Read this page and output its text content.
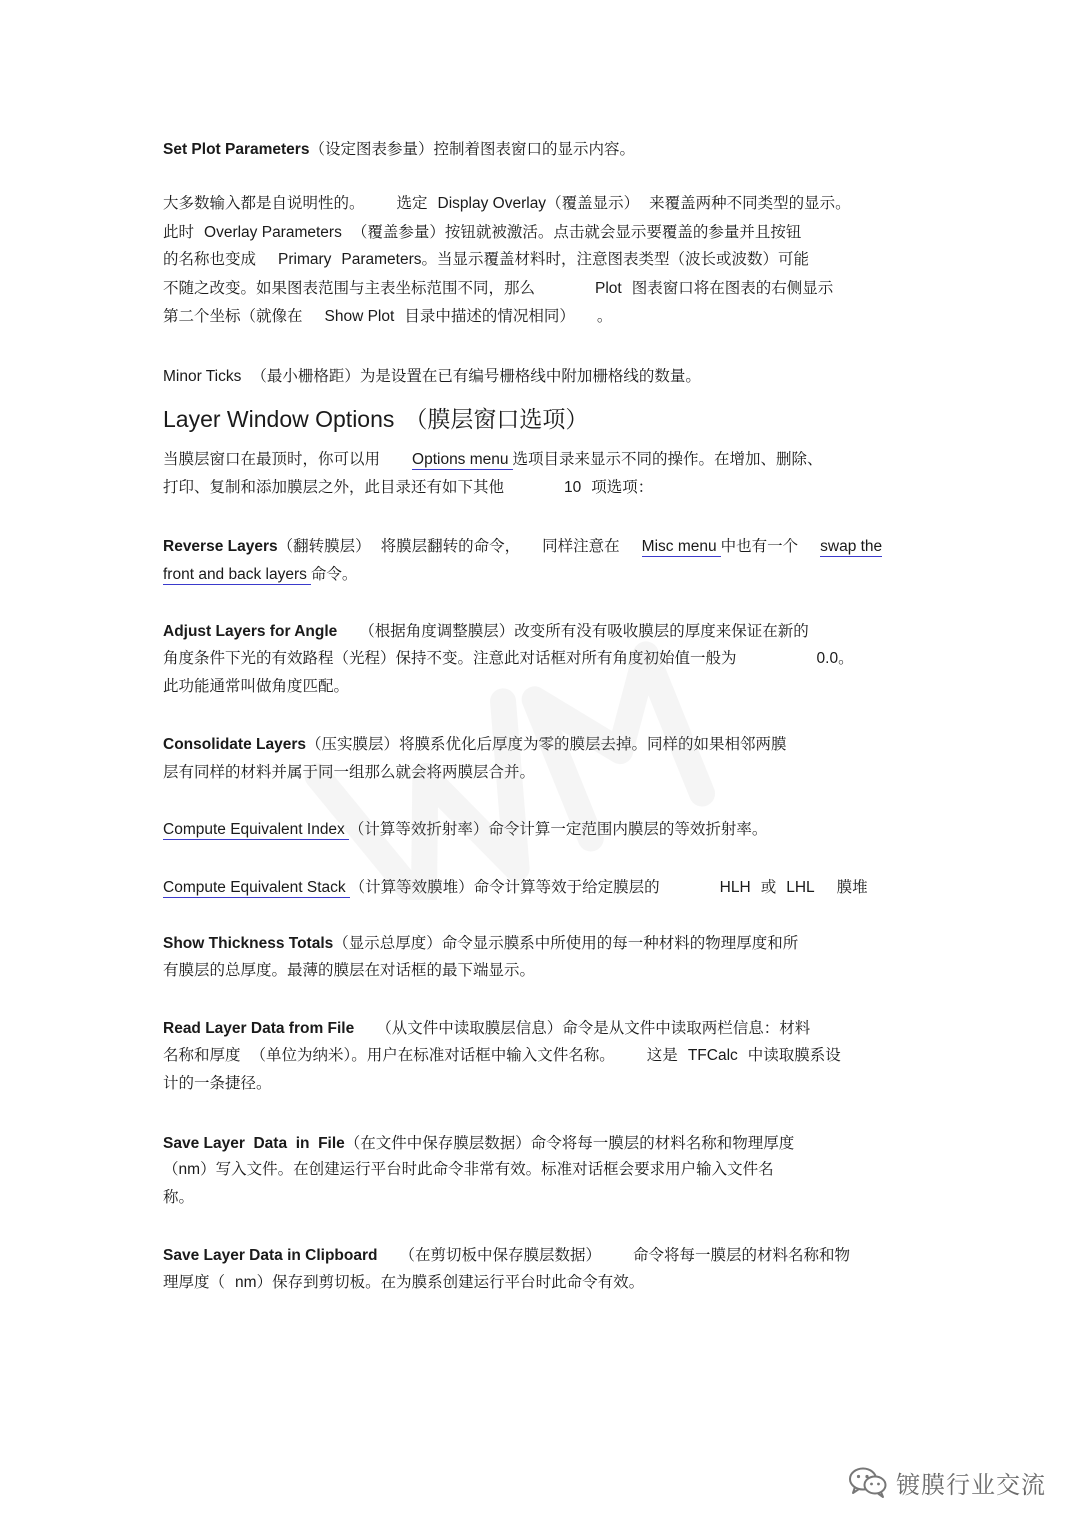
Set Plot Parameters（设定图表参量）控制着图表窗口的显示内容。
大多数输入都是自说明性的。 选定 Display Overlay（覆盖显示） 来覆盖两种不同类型的显示。
此时 Overlay Parameters （覆盖参量）按钮就被激活。点击就会显示要覆盖的参量并且按钮
的名称也变成 Primary Parameters。当显示覆盖材料时，注意图表类型（波长或波数）可能
不随之改变。如果图表范围与主表坐标范围不同，那么	Plot 图表窗口将在图表的右侧显示
第二个坐标（就像在 Show Plot 目录中描述的情况相同） 。
Minor Ticks （最小栅格距）为是设置在已有编号栅格线中附加栅格线的数量。
Layer Window Options （膜层窗口选项）
当膜层窗口在最顶时，你可以用 Options menu 选项目录来显示不同的操作。在增加、删除、
打印、复制和添加膜层之外，此目录还有如下其他	10 项选项：
Reverse Layers（翻转膜层） 将膜层翻转的命令， 同样注意在 Misc menu 中也有一个 swap the
front and back layers 命令。
Adjust Layers for Angle （根据角度调整膜层）改变所有没有吸收膜层的厚度来保证在新的
角度条件下光的有效路程（光程）保持不变。注意此对话框对所有角度初始值一般为	0.0。
此功能通常叫做角度匹配。
Consolidate Layers（压实膜层）将膜系优化后厚度为零的膜层去掉。同样的如果相邻两膜
层有同样的材料并属于同一组那么就会将两膜层合并。
Compute Equivalent Index （计算等效折射率）命令计算一定范围内膜层的等效折射率。
Compute Equivalent Stack （计算等效膜堆）命令计算等效于给定膜层的	HLH 或 LHL 膜堆
Show Thickness Totals（显示总厚度）命令显示膜系中所使用的每一种材料的物理厚度和所
有膜层的总厚度。最薄的膜层在对话框的最下端显示。
Read Layer Data from File （从文件中读取膜层信息）命令是从文件中读取两栏信息：材料
名称和厚度 （单位为纳米）。用户在标准对话框中输入文件名称。 这是 TFCalc 中读取膜系设
计的一条捷径。
Save Layer  Data  in  File（在文件中保存膜层数据）命令将每一膜层的材料名称和物理厚度
（nm）写入文件。在创建运行平台时此命令非常有效。标准对话框会要求用户输入文件名
称。
Save Layer Data in Clipboard （在剪切板中保存膜层数据） 命令将每一膜层的材料名称和物
理厚度（ nm）保存到剪切板。在为膜系创建运行平台时此命令有效。
镀膜行业交流
